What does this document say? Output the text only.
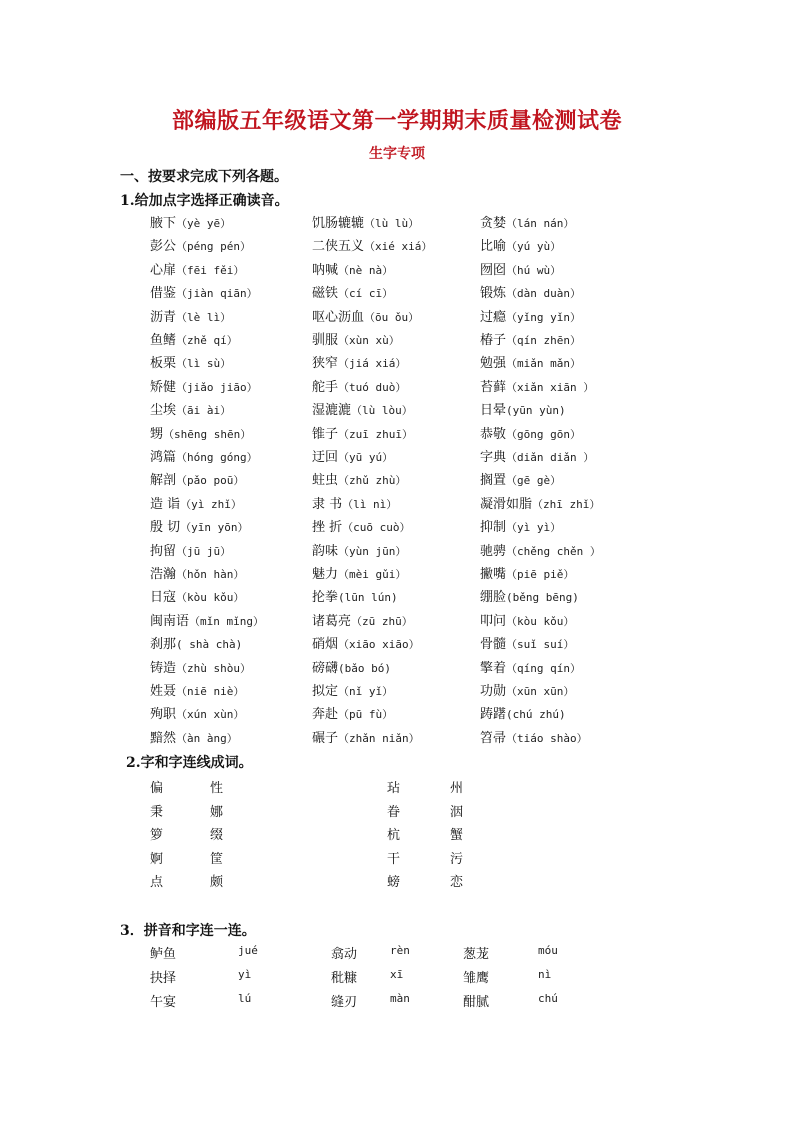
部编版五年级语文第一学期期末质量检测试卷
生字专项
一、按要求完成下列各题。
1.给加点字选择正确读音。
腋下（yè yē）	饥肠辘辘（lù lù）	贪婪（lán nán）
彭公（péng pén）	二侠五义（xié xiá）	比喻（yú yù）
心扉（fēi fěi）	呐喊（nè nà）	囫囵（hú wù）
借鉴（jiàn qiān）	磁铁（cí cī）	锻炼（dàn duàn）
沥青（lè lì）	呕心沥血（ōu ǒu）	过瘾（yǐng yǐn）
鱼鳍（zhě qí）	驯服（xùn xù）	椿子（qín zhēn）
板栗（lì sù）	狭窄（jiá xiá）	勉强（miǎn mǎn）
矫健（jiǎo jiāo）	舵手（tuó duò）	苔藓（xiǎn xiān ）
尘埃（āi ài）	湿漉漉（lù lòu）	日晕(yūn yùn)
甥（shēng shēn）	锥子（zuī zhuī）	恭敬（gōng gōn）
鸿篇（hóng góng）	迂回（yū yú）	字典（diǎn diǎn ）
解剖（pǎo poū）	蛀虫（zhǔ zhù）	搁置（gē gè）
造 诣（yì zhǐ）	隶 书（lì nì）	凝滑如脂（zhī zhǐ）
殷 切（yīn yōn）	挫 折（cuō cuò）	抑制（yì yì）
拘留（jū jū）	韵味（yùn jūn）	驰骋（chěng chěn ）
浩瀚（hǒn hàn）	魅力（mèi gǔi）	撇嘴（piē piě）
日寇（kòu kǒu）	抡拳(lūn lún)	绷脸(běng bēng)
闽南语（mǐn mǐng）	诸葛亮（zū zhū）	叩问（kòu kǒu）
刹那( shà chà)	硝烟（xiāo xiāo）	骨髓（suǐ suí）
铸造（zhù shòu）	磅礴(bǎo bó)	擎着（qíng qín）
姓聂（niē niè）	拟定（nǐ yǐ）	功勋（xūn xūn）
殉职（xún xùn）	奔赴（pū fù）	踌躇(chú zhú)
黯然（àn àng）	碾子（zhǎn niǎn）	笤帚（tiáo shào）
2.字和字连线成词。
偏	性	玷	州
秉	娜	眷	洇
箩	缀	杭	蟹
婀	筐	干	污
点	颇	螃	恋
3．拼音和字连一连。
鲈鱼	jué	翕动	rèn	葱茏	móu
抉择	yì	秕糠	xī	雏鹰	nì
午宴	lú	缝刃	màn	酣腻	chú
